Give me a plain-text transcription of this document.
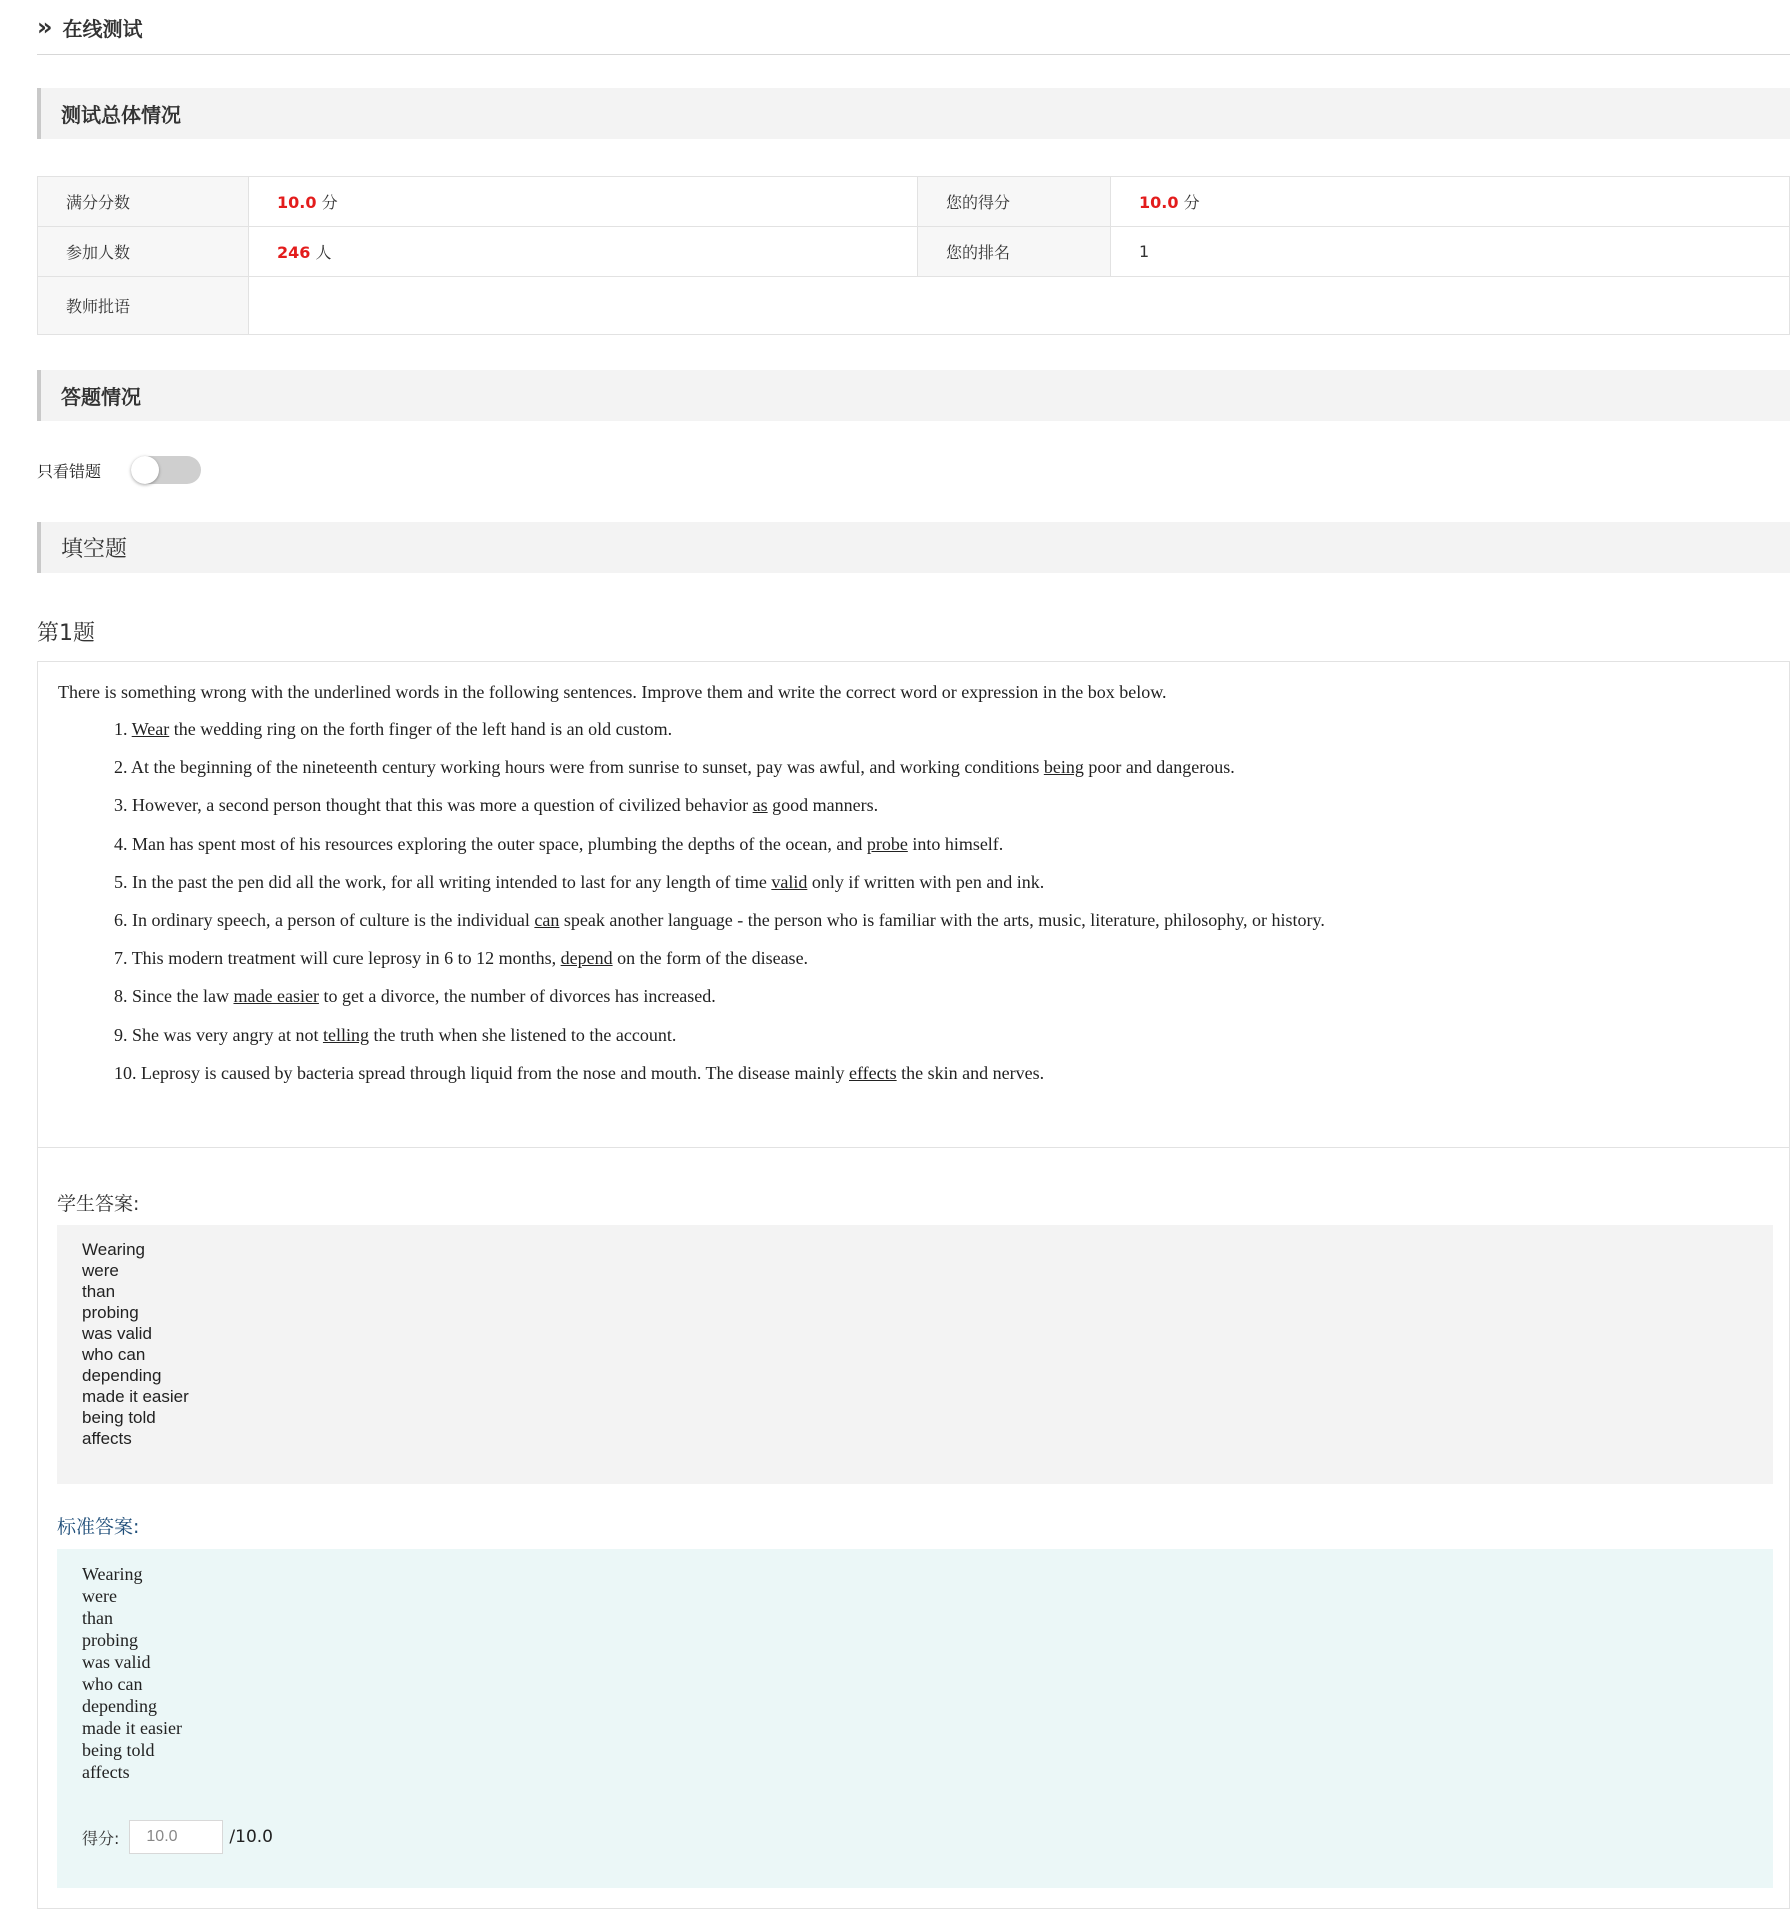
» 在线测试
测试总体情况
满分分数	10.0 分	您的得分	10.0 分
参加人数	246 人	您的排名	1
教师批语			
答题情况
只看错题
填空题
第1题

There is something wrong with the underlined words in the following sentences. Improve them and write the correct word or expression in the box below.

1. Wear the wedding ring on the forth finger of the left hand is an old custom.
2. At the beginning of the nineteenth century working hours were from sunrise to sunset, pay was awful, and working conditions being poor and dangerous.
3. However, a second person thought that this was more a question of civilized behavior as good manners.
4. Man has spent most of his resources exploring the outer space, plumbing the depths of the ocean, and probe into himself.
5. In the past the pen did all the work, for all writing intended to last for any length of time valid only if written with pen and ink.
6. In ordinary speech, a person of culture is the individual can speak another language - the person who is familiar with the arts, music, literature, philosophy, or history.
7. This modern treatment will cure leprosy in 6 to 12 months, depend on the form of the disease.
8. Since the law made easier to get a divorce, the number of divorces has increased.
9. She was very angry at not telling the truth when she listened to the account.
10. Leprosy is caused by bacteria spread through liquid from the nose and mouth. The disease mainly effects the skin and nerves.
学生答案:
Wearing
were
than
probing
was valid
who can
depending
made it easier
being told
affects
标准答案:
Wearing
were
than
probing
was valid
who can
depending
made it easier
being told
affects
得分:
10.0	/10.0
